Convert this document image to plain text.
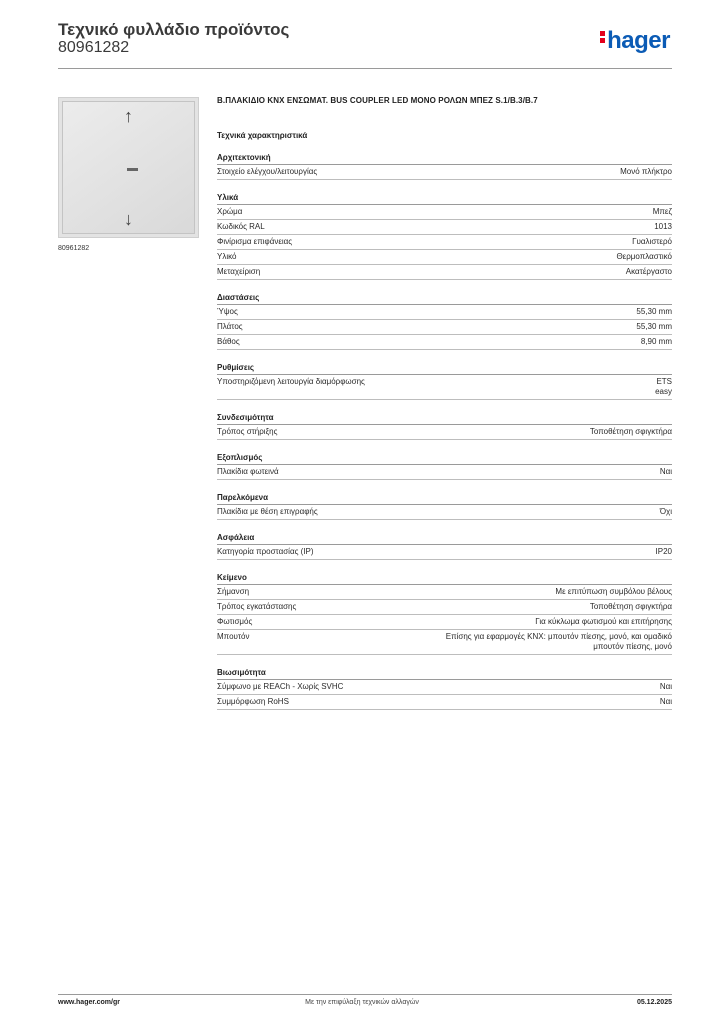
Τεχνικό φυλλάδιο προϊόντος
80961282	hager
↑
↓
80961282
Β.ΠΛΑΚΙΔΙΟ KNX ΕΝΣΩΜΑΤ. BUS COUPLER LED ΜΟΝΟ ΡΟΛΩΝ ΜΠΕΖ S.1/B.3/B.7
Τεχνικά χαρακτηριστικά
Αρχιτεκτονική
Στοιχείο ελέγχου/λειτουργίας	Μονό πλήκτρο
Υλικά
Χρώμα	Μπεζ
Κωδικός RAL	1013
Φινίρισμα επιφάνειας	Γυαλιστερό
Υλικό	Θερμοπλαστικό
Μεταχείριση	Ακατέργαστο
Διαστάσεις
Ύψος	55,30 mm
Πλάτος	55,30 mm
Βάθος	8,90 mm
Ρυθμίσεις
Υποστηριζόμενη λειτουργία διαμόρφωσης	ETS
easy
Συνδεσιμότητα
Τρόπος στήριξης	Τοποθέτηση σφιγκτήρα
Εξοπλισμός
Πλακίδια φωτεινά	Ναι
Παρελκόμενα
Πλακίδια με θέση επιγραφής	Όχι
Ασφάλεια
Κατηγορία προστασίας (IP)	IP20
Κείμενο
Σήμανση	Με επιτύπωση συμβόλου βέλους
Τρόπος εγκατάστασης	Τοποθέτηση σφιγκτήρα
Φωτισμός	Για κύκλωμα φωτισμού και επιτήρησης
Μπουτόν	Επίσης για εφαρμογές KNX: μπουτόν πίεσης, μονό, και ομαδικό
μπουτόν πίεσης, μονό
Βιωσιμότητα
Σύμφωνο με REACh - Χωρίς SVHC	Ναι
Συμμόρφωση RoHS	Ναι
www.hager.com/gr	Με την επιφύλαξη τεχνικών αλλαγών	05.12.2025
